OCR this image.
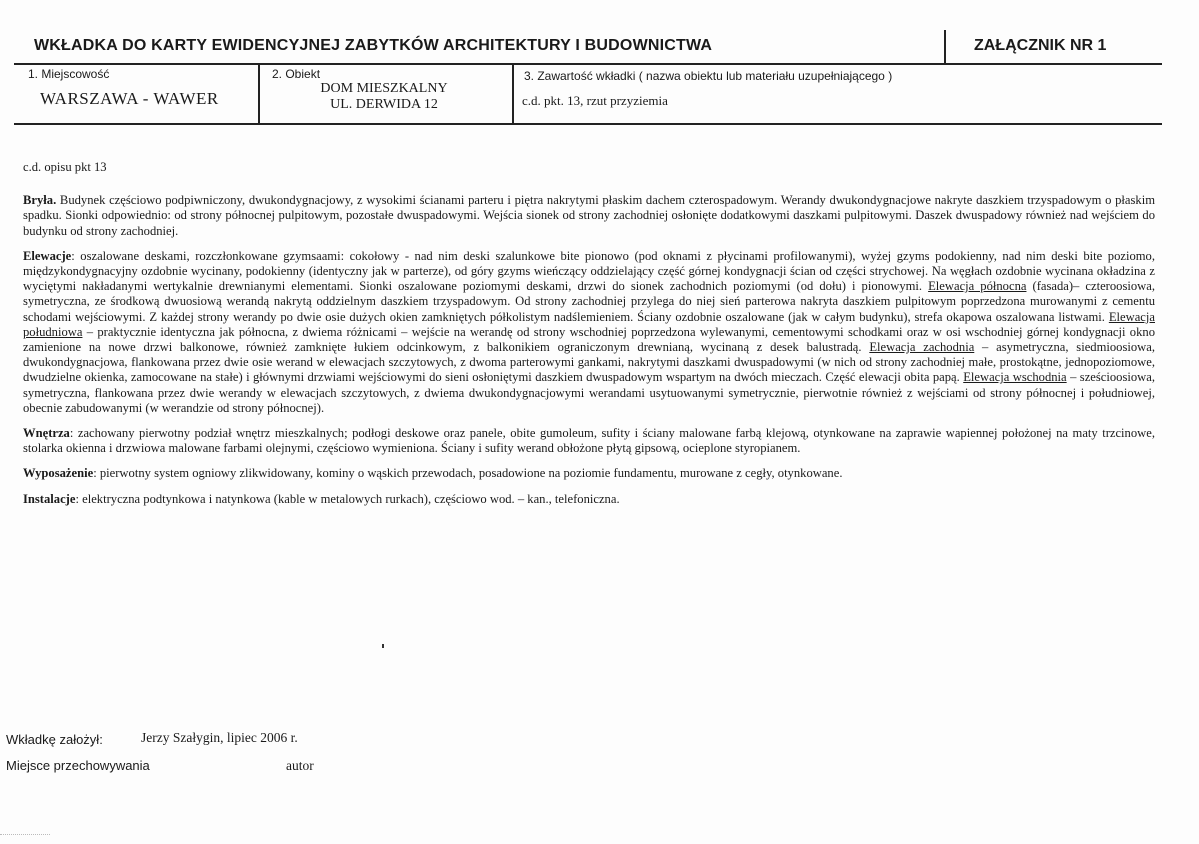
WKŁADKA DO KARTY EWIDENCYJNEJ ZABYTKÓW ARCHITEKTURY I BUDOWNICTWA	ZAŁĄCZNIK NR 1
1. Miejscowość
WARSZAWA - WAWER
2. Obiekt
DOM MIESZKALNY
UL. DERWIDA 12
3. Zawartość wkładki ( nazwa obiektu lub materiału uzupełniającego )
c.d. pkt. 13, rzut przyziemia

c.d. opisu pkt 13

Bryła. Budynek częściowo podpiwniczony, dwukondygnacjowy, z wysokimi ścianami parteru i piętra nakrytymi płaskim dachem czterospadowym. Werandy dwukondygnacjowe nakryte daszkiem trzyspadowym o płaskim spadku. Sionki odpowiednio: od strony północnej pulpitowym, pozostałe dwuspadowymi. Wejścia sionek od strony zachodniej osłonięte dodatkowymi daszkami pulpitowymi. Daszek dwuspadowy również nad wejściem do budynku od strony zachodniej.

Elewacje: oszalowane deskami, rozczłonkowane gzymsaami: cokołowy - nad nim deski szalunkowe bite pionowo (pod oknami z płycinami profilowanymi), wyżej gzyms podokienny, nad nim deski bite poziomo, międzykondygnacyjny ozdobnie wycinany, podokienny (identyczny jak w parterze), od góry gzyms wieńczący oddzielający część górnej kondygnacji ścian od części strychowej. Na węgłach ozdobnie wycinana okładzina z wyciętymi nakładanymi wertykalnie drewnianymi elementami. Sionki oszalowane poziomymi deskami, drzwi do sionek zachodnich poziomymi (od dołu) i pionowymi. Elewacja północna (fasada)– czteroosiowa, symetryczna, ze środkową dwuosiową werandą nakrytą oddzielnym daszkiem trzyspadowym. Od strony zachodniej przylega do niej sień parterowa nakryta daszkiem pulpitowym poprzedzona murowanymi z cementu schodami wejściowymi. Z każdej strony werandy po dwie osie dużych okien zamkniętych półkolistym nadślemieniem. Ściany ozdobnie oszalowane (jak w całym budynku), strefa okapowa oszalowana listwami. Elewacja południowa – praktycznie identyczna jak północna, z dwiema różnicami – wejście na werandę od strony wschodniej poprzedzona wylewanymi, cementowymi schodkami oraz w osi wschodniej górnej kondygnacji okno zamienione na nowe drzwi balkonowe, również zamknięte łukiem odcinkowym, z balkonikiem ograniczonym drewnianą, wycinaną z desek balustradą. Elewacja zachodnia – asymetryczna, siedmioosiowa, dwukondygnacjowa, flankowana przez dwie osie werand w elewacjach szczytowych, z dwoma parterowymi gankami, nakrytymi daszkami dwuspadowymi (w nich od strony zachodniej małe, prostokątne, jednopoziomowe, dwudzielne okienka, zamocowane na stałe) i głównymi drzwiami wejściowymi do sieni osłoniętymi daszkiem dwuspadowym wspartym na dwóch mieczach. Część elewacji obita papą. Elewacja wschodnia – sześcioosiowa, symetryczna, flankowana przez dwie werandy w elewacjach szczytowych, z dwiema dwukondygnacjowymi werandami usytuowanymi symetrycznie, pierwotnie również z wejściami od strony północnej i południowej, obecnie zabudowanymi (w werandzie od strony północnej).

Wnętrza: zachowany pierwotny podział wnętrz mieszkalnych; podłogi deskowe oraz panele, obite gumoleum, sufity i ściany malowane farbą klejową, otynkowane na zaprawie wapiennej położonej na maty trzcinowe, stolarka okienna i drzwiowa malowane farbami olejnymi, częściowo wymieniona. Ściany i sufity werand obłożone płytą gipsową, ocieplone styropianem.

Wyposażenie: pierwotny system ogniowy zlikwidowany, kominy o wąskich przewodach, posadowione na poziomie fundamentu, murowane z cegły, otynkowane.

Instalacje: elektryczna podtynkowa i natynkowa (kable w metalowych rurkach), częściowo wod. – kan., telefoniczna.

Wkładkę założył:	Jerzy Szałygin, lipiec 2006 r.
Miejsce przechowywania	autor
